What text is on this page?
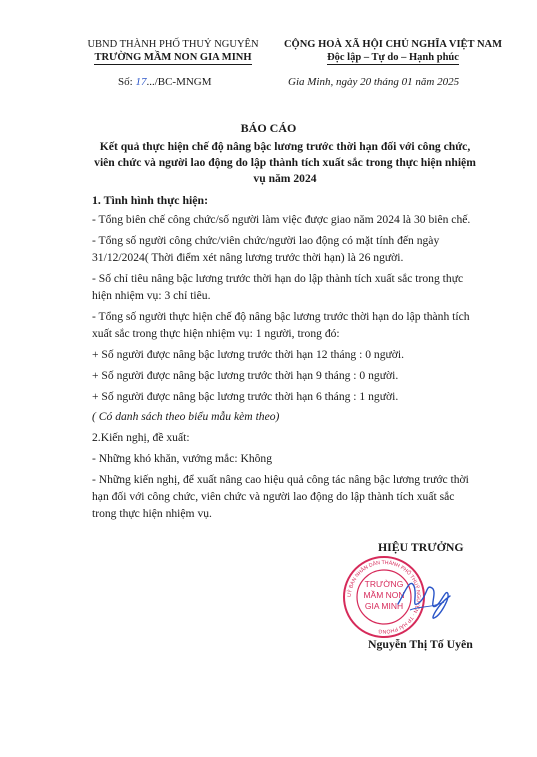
UBND THÀNH PHỐ THUỶ NGUYÊN
TRƯỜNG MẦM NON GIA MINH
CỘNG HOÀ XÃ HỘI CHỦ NGHĨA VIỆT NAM
Độc lập – Tự do – Hạnh phúc
Số: 17.../BC-MNGM	Gia Minh, ngày 20 tháng 01 năm 2025
BÁO CÁO
Kết quả thực hiện chế độ nâng bậc lương trước thời hạn đối với công chức,
viên chức và người lao động do lập thành tích xuất sắc trong thực hiện nhiệm
vụ năm 2024
1. Tình hình thực hiện:
- Tổng biên chế công chức/số người làm việc được giao năm 2024 là 30 biên chế.
- Tổng số người công chức/viên chức/người lao động có mặt tính đến ngày
31/12/2024( Thời điểm xét nâng lương trước thời hạn) là 26 người.
- Số chỉ tiêu nâng bậc lương trước thời hạn do lập thành tích xuất sắc trong thực
hiện nhiệm vụ: 3 chỉ tiêu.
- Tổng số người thực hiện chế độ nâng bậc lương trước thời hạn do lập thành tích
xuất sắc trong thực hiện nhiệm vụ: 1 người, trong đó:
+ Số người được nâng bậc lương trước thời hạn 12 tháng : 0 người.
+ Số người được nâng bậc lương trước thời hạn 9 tháng : 0 người.
+ Số người được nâng bậc lương trước thời hạn 6 tháng : 1 người.
( Có danh sách theo biểu mẫu kèm theo)
2.Kiến nghị, đề xuất:
- Những khó khăn, vướng mắc: Không
- Những kiến nghị, để xuất nâng cao hiệu quả công tác nâng bậc lương trước thời
hạn đối với công chức, viên chức và người lao động do lập thành tích xuất sắc
trong thực hiện nhiệm vụ.
HIỆU TRƯỞNG
UỶ BAN NHÂN DÂN THÀNH PHỐ THUỶ NGUYÊN · TP HẢI PHÒNG
TRƯỜNG
MẦM NON
GIA MINH
Nguyễn Thị Tố Uyên
